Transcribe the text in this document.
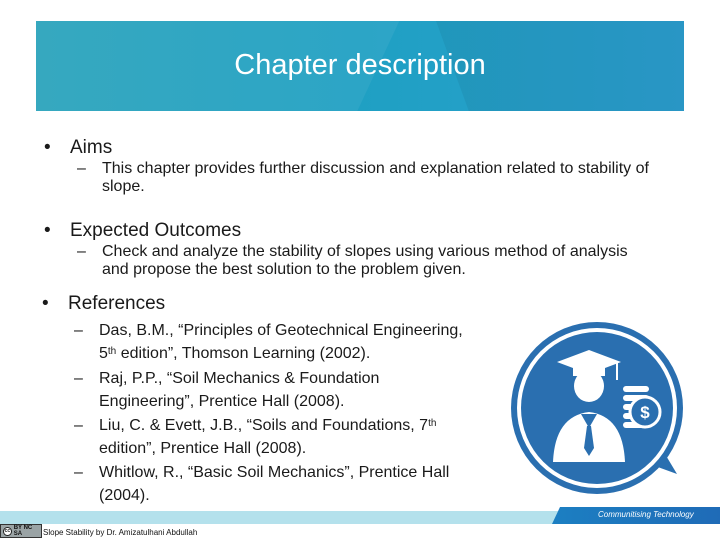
Chapter description
• Aims
– This chapter provides further discussion and explanation related to stability of slope.
• Expected Outcomes
– Check and analyze the stability of slopes using various method of analysis and propose the best solution to the problem given.
• References
– Das, B.M., “Principles of Geotechnical Engineering,
5th edition”, Thomson Learning (2002).
– Raj, P.P., “Soil Mechanics & Foundation
Engineering”, Prentice Hall (2008).
– Liu, C. & Evett, J.B., “Soils and Foundations, 7th
edition”, Prentice Hall (2008).
– Whitlow, R., “Basic Soil Mechanics”, Prentice Hall
(2004).
$
Communitising Technology
cc BY NC SA	Slope Stability by Dr. Amizatulhani Abdullah
